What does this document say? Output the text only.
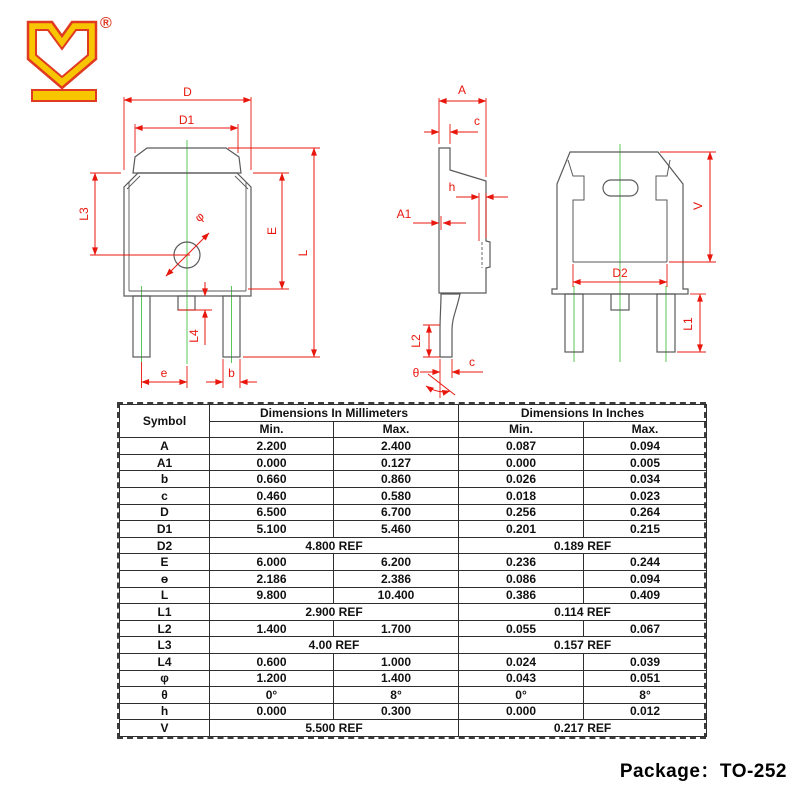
®
D
D1
L3
E
L
L4
e	b
φ
A
c
h
A1
L2
θ
c
V
D2
L1
Symbol	Dimensions In Millimeters		Dimensions In Inches	
	Min.	Max.	Min.	Max.
A	2.200	2.400	0.087	0.094
A1	0.000	0.127	0.000	0.005
b	0.660	0.860	0.026	0.034
c	0.460	0.580	0.018	0.023
D	6.500	6.700	0.256	0.264
D1	5.100	5.460	0.201	0.215
D2	4.800 REF		0.189 REF	
E	6.000	6.200	0.236	0.244
ɵ	2.186	2.386	0.086	0.094
L	9.800	10.400	0.386	0.409
L1	2.900 REF		0.114 REF	
L2	1.400	1.700	0.055	0.067
L3	4.00 REF		0.157 REF	
L4	0.600	1.000	0.024	0.039
φ	1.200	1.400	0.043	0.051
θ	0°	8°	0°	8°
h	0.000	0.300	0.000	0.012
V	5.500 REF		0.217 REF	
Package：TO-252
